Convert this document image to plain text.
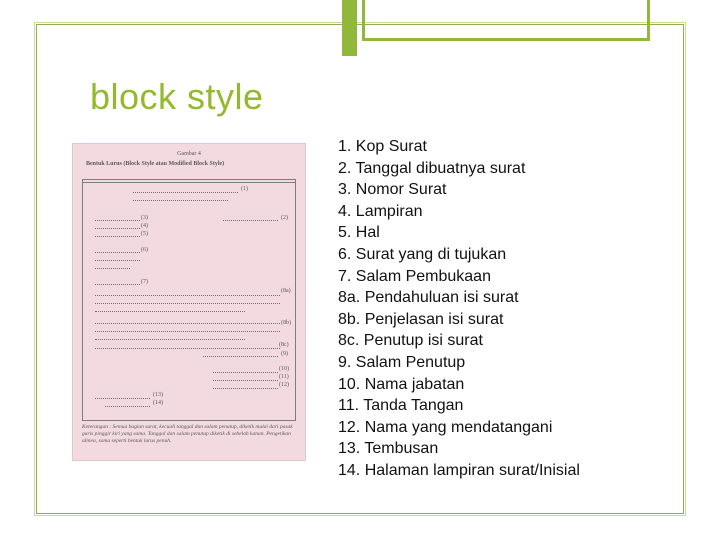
block style
Gambar 4
Bentuk Lurus (Block Style atau Modified Block Style)
(1)
(2)
(3)
(4)
(5)
(6)
(7)
(8a)
(8b)
(8c)
(9)
(10)
(11)
(12)
(13)
(14)
Keterangan : Semua bagian surat, kecuali tanggal dan salam penutup, diketik mulai dari pasak garis pinggir kiri yang sama. Tanggal dan salam penutup diketik di sebelah kanan. Pengetikan alinea, sama seperti bentuk lurus penuh.
1. Kop Surat
2. Tanggal dibuatnya surat
3. Nomor Surat
4. Lampiran
5. Hal
6. Surat yang di tujukan
7. Salam Pembukaan
8a. Pendahuluan isi surat
8b. Penjelasan isi surat
8c. Penutup isi surat
9. Salam Penutup
10. Nama jabatan
11. Tanda Tangan
12. Nama yang mendatangani
13. Tembusan
14. Halaman lampiran surat/Inisial
